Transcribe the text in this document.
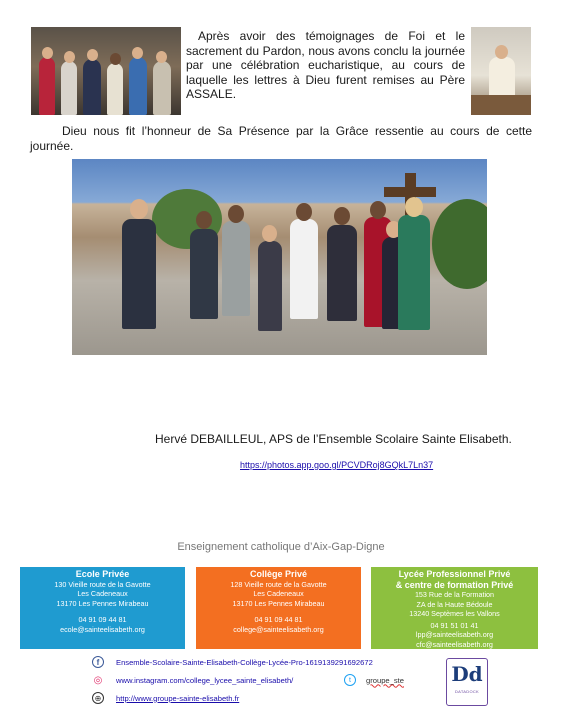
Après avoir des témoignages de Foi et le sacrement du Pardon, nous avons conclu la journée par une célébration eucharistique, au cours de laquelle les lettres à Dieu furent remises au Père ASSALE.

Dieu nous fit l’honneur de Sa Présence par la Grâce ressentie au cours de cette journée.

Hervé DEBAILLEUL, APS de l’Ensemble Scolaire Sainte Elisabeth.
https://photos.app.goo.gl/PCVDRoj8GQkL7Ln37
Enseignement catholique d’Aix-Gap-Digne
Ecole Privée
130 Vieille route de la Gavotte
Les Cadeneaux
13170 Les Pennes Mirabeau
04 91 09 44 81
ecole@sainteelisabeth.org
Collège Privé
128 Vieille route de la Gavotte
Les Cadeneaux
13170 Les Pennes Mirabeau
04 91 09 44 81
college@sainteelisabeth.org
Lycée Professionnel Privé
& centre de formation Privé
153 Rue de la Formation
ZA de la Haute Bédoule
13240 Septèmes les Vallons
04 91 51 01 41
lpp@sainteelisabeth.org
cfc@sainteelisabeth.org
f	Ensemble-Scolaire-Sainte-Elisabeth-Collège-Lycée-Pro-1619139291692672
◎ www.instagram.com/college_lycee_sainte_elisabeth/	t	groupe_ste
⊕	http://www.groupe-sainte-elisabeth.fr
Dd
DATADOCK
